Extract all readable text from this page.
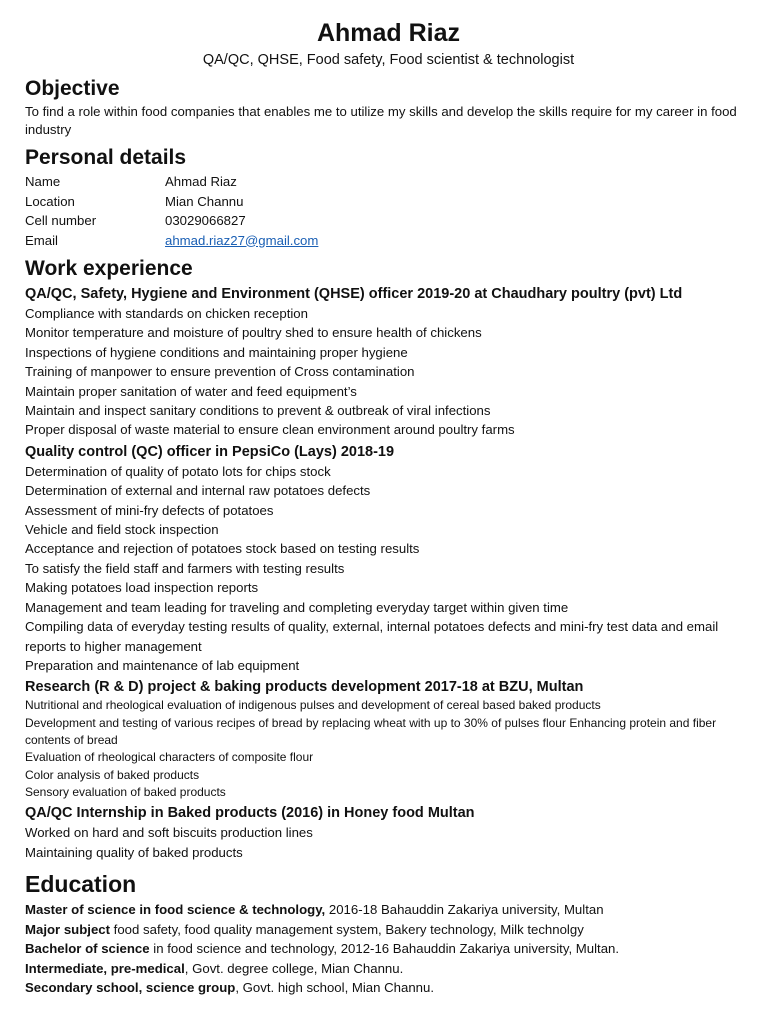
Ahmad Riaz
QA/QC, QHSE, Food safety, Food scientist & technologist
Objective

To find a role within food companies that enables me to utilize my skills and develop the skills require for my career in food industry

Personal details
Name	Ahmad Riaz
Location	Mian Channu
Cell number	03029066827
Email	ahmad.riaz27@gmail.com
Work experience
QA/QC, Safety, Hygiene and Environment (QHSE) officer 2019-20 at Chaudhary poultry (pvt) Ltd
Compliance with standards on chicken reception
Monitor temperature and moisture of poultry shed to ensure health of chickens
Inspections of hygiene conditions and maintaining proper hygiene
Training of manpower to ensure prevention of Cross contamination
Maintain proper sanitation of water and feed equipment’s
Maintain and inspect sanitary conditions to prevent & outbreak of viral infections
Proper disposal of waste material to ensure clean environment around poultry farms
Quality control (QC) officer in PepsiCo (Lays) 2018-19
Determination of quality of potato lots for chips stock
Determination of external and internal raw potatoes defects
Assessment of mini-fry defects of potatoes
Vehicle and field stock inspection
Acceptance and rejection of potatoes stock based on testing results
To satisfy the field staff and farmers with testing results
Making potatoes load inspection reports
Management and team leading for traveling and completing everyday target within given time
Compiling data of everyday testing results of quality, external, internal potatoes defects and mini-fry test data and email reports to higher management
Preparation and maintenance of lab equipment
Research (R & D) project & baking products development 2017-18 at BZU, Multan
Nutritional and rheological evaluation of indigenous pulses and development of cereal based baked products
Development and testing of various recipes of bread by replacing wheat with up to 30% of pulses flour Enhancing protein and fiber contents of bread
Evaluation of rheological characters of composite flour
Color analysis of baked products
Sensory evaluation of baked products
QA/QC Internship in Baked products (2016) in Honey food Multan
Worked on hard and soft biscuits production lines
Maintaining quality of baked products
Education
Master of science in food science & technology, 2016-18 Bahauddin Zakariya university, Multan
Major subject food safety, food quality management system, Bakery technology, Milk technolgy
Bachelor of science in food science and technology, 2012-16 Bahauddin Zakariya university, Multan.
Intermediate, pre-medical, Govt. degree college, Mian Channu.
Secondary school, science group, Govt. high school, Mian Channu.
